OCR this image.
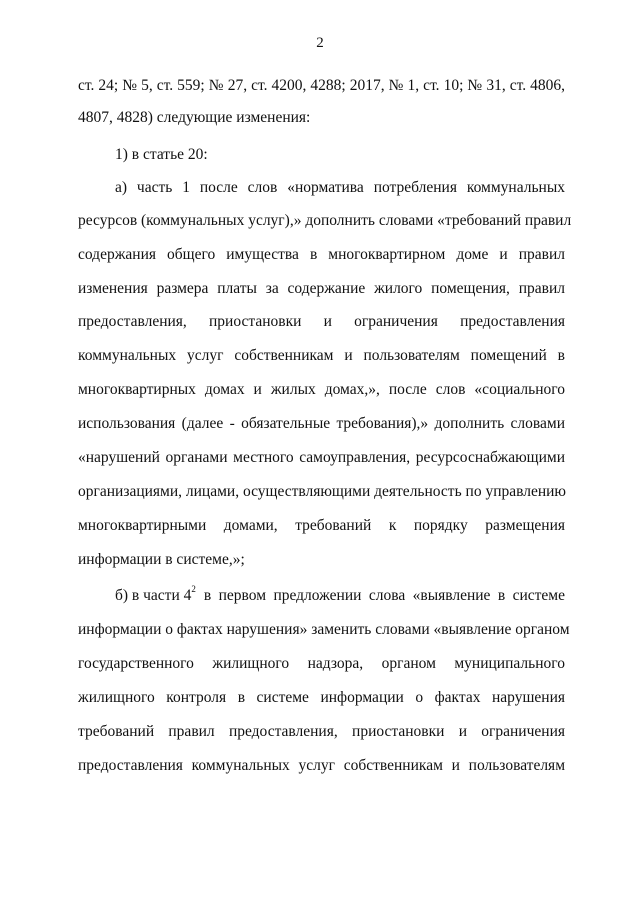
2
ст. 24; № 5, ст. 559; № 27, ст. 4200, 4288; 2017, № 1, ст. 10; № 31, ст. 4806,
4807, 4828) следующие изменения:
1) в статье 20:
а) часть 1 после слов «норматива потребления коммунальных
ресурсов (коммунальных услуг),» дополнить словами «требований правил
содержания общего имущества в многоквартирном доме и правил
изменения размера платы за содержание жилого помещения, правил
предоставления, приостановки и ограничения предоставления
коммунальных услуг собственникам и пользователям помещений в
многоквартирных домах и жилых домах,», после слов «социального
использования (далее - обязательные требования),» дополнить словами
«нарушений органами местного самоуправления, ресурсоснабжающими
организациями, лицами, осуществляющими деятельность по управлению
многоквартирными домами, требований к порядку размещения
информации в системе,»;
б) в части $4^2$ в первом предложении слова «выявление в системе
информации о фактах нарушения» заменить словами «выявление органом
государственного жилищного надзора, органом муниципального
жилищного контроля в системе информации о фактах нарушения
требований правил предоставления, приостановки и ограничения
предоставления коммунальных услуг собственникам и пользователям
